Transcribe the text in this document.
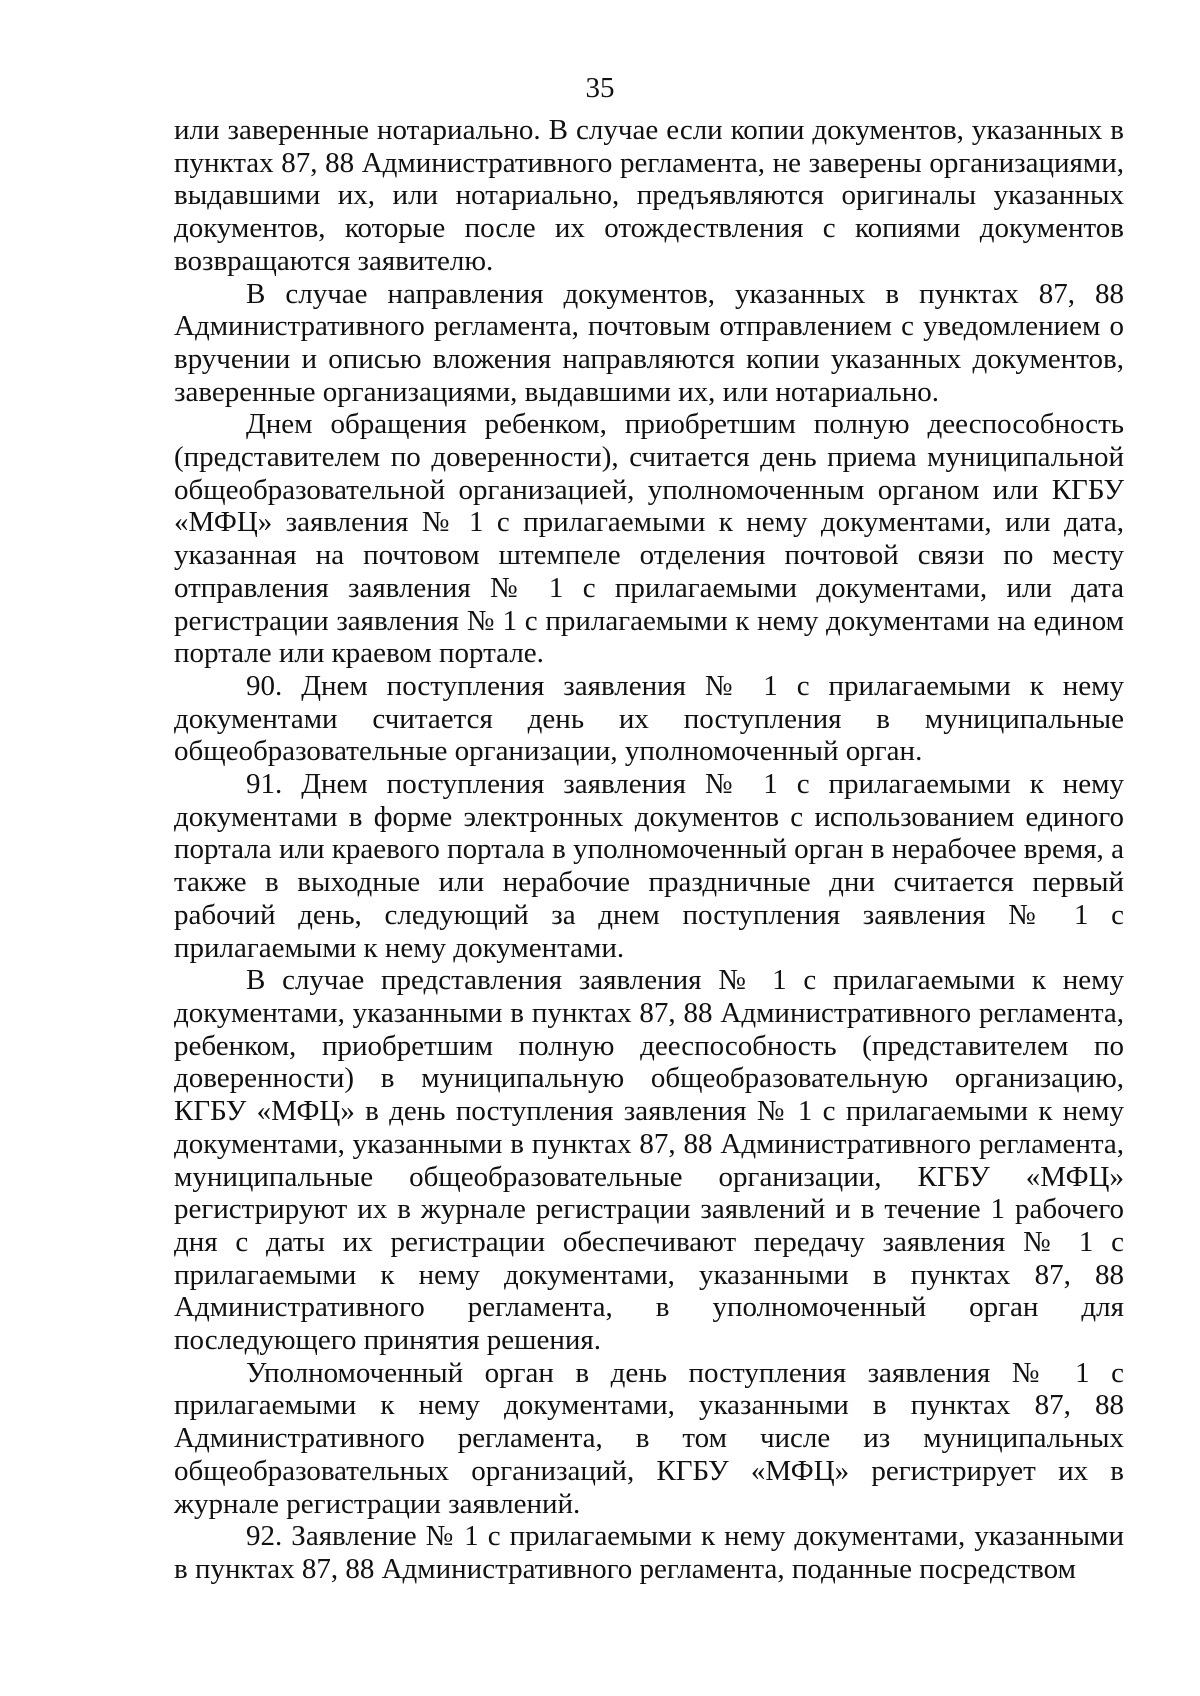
35

или заверенные нотариально. В случае если копии документов, указанных в пунктах 87, 88 Административного регламента, не заверены организациями, выдавшими их, или нотариально, предъявляются оригиналы указанных документов, которые после их отождествления с копиями документов возвращаются заявителю.

В случае направления документов, указанных в пунктах 87, 88 Административного регламента, почтовым отправлением с уведомлением о вручении и описью вложения направляются копии указанных документов, заверенные организациями, выдавшими их, или нотариально.

Днем обращения ребенком, приобретшим полную дееспособность (представителем по доверенности), считается день приема муниципальной общеобразовательной организацией, уполномоченным органом или КГБУ «МФЦ» заявления № 1 с прилагаемыми к нему документами, или дата, указанная на почтовом штемпеле отделения почтовой связи по месту отправления заявления № 1 с прилагаемыми документами, или дата регистрации заявления № 1 с прилагаемыми к нему документами на едином портале или краевом портале.

90. Днем поступления заявления № 1 с прилагаемыми к нему документами считается день их поступления в муниципальные общеобразовательные организации, уполномоченный орган.

91. Днем поступления заявления № 1 с прилагаемыми к нему документами в форме электронных документов с использованием единого портала или краевого портала в уполномоченный орган в нерабочее время, а также в выходные или нерабочие праздничные дни считается первый рабочий день, следующий за днем поступления заявления № 1 с прилагаемыми к нему документами.

В случае представления заявления № 1 с прилагаемыми к нему документами, указанными в пунктах 87, 88 Административного регламента, ребенком, приобретшим полную дееспособность (представителем по доверенности) в муниципальную общеобразовательную организацию, КГБУ «МФЦ» в день поступления заявления № 1 с прилагаемыми к нему документами, указанными в пунктах 87, 88 Административного регламента, муниципальные общеобразовательные организации, КГБУ «МФЦ» регистрируют их в журнале регистрации заявлений и в течение 1 рабочего дня с даты их регистрации обеспечивают передачу заявления № 1 с прилагаемыми к нему документами, указанными в пунктах 87, 88 Административного регламента, в уполномоченный орган для последующего принятия решения.

Уполномоченный орган в день поступления заявления № 1 с прилагаемыми к нему документами, указанными в пунктах 87, 88 Административного регламента, в том числе из муниципальных общеобразовательных организаций, КГБУ «МФЦ» регистрирует их в журнале регистрации заявлений.

92. Заявление № 1 с прилагаемыми к нему документами, указанными в пунктах 87, 88 Административного регламента, поданные посредством
